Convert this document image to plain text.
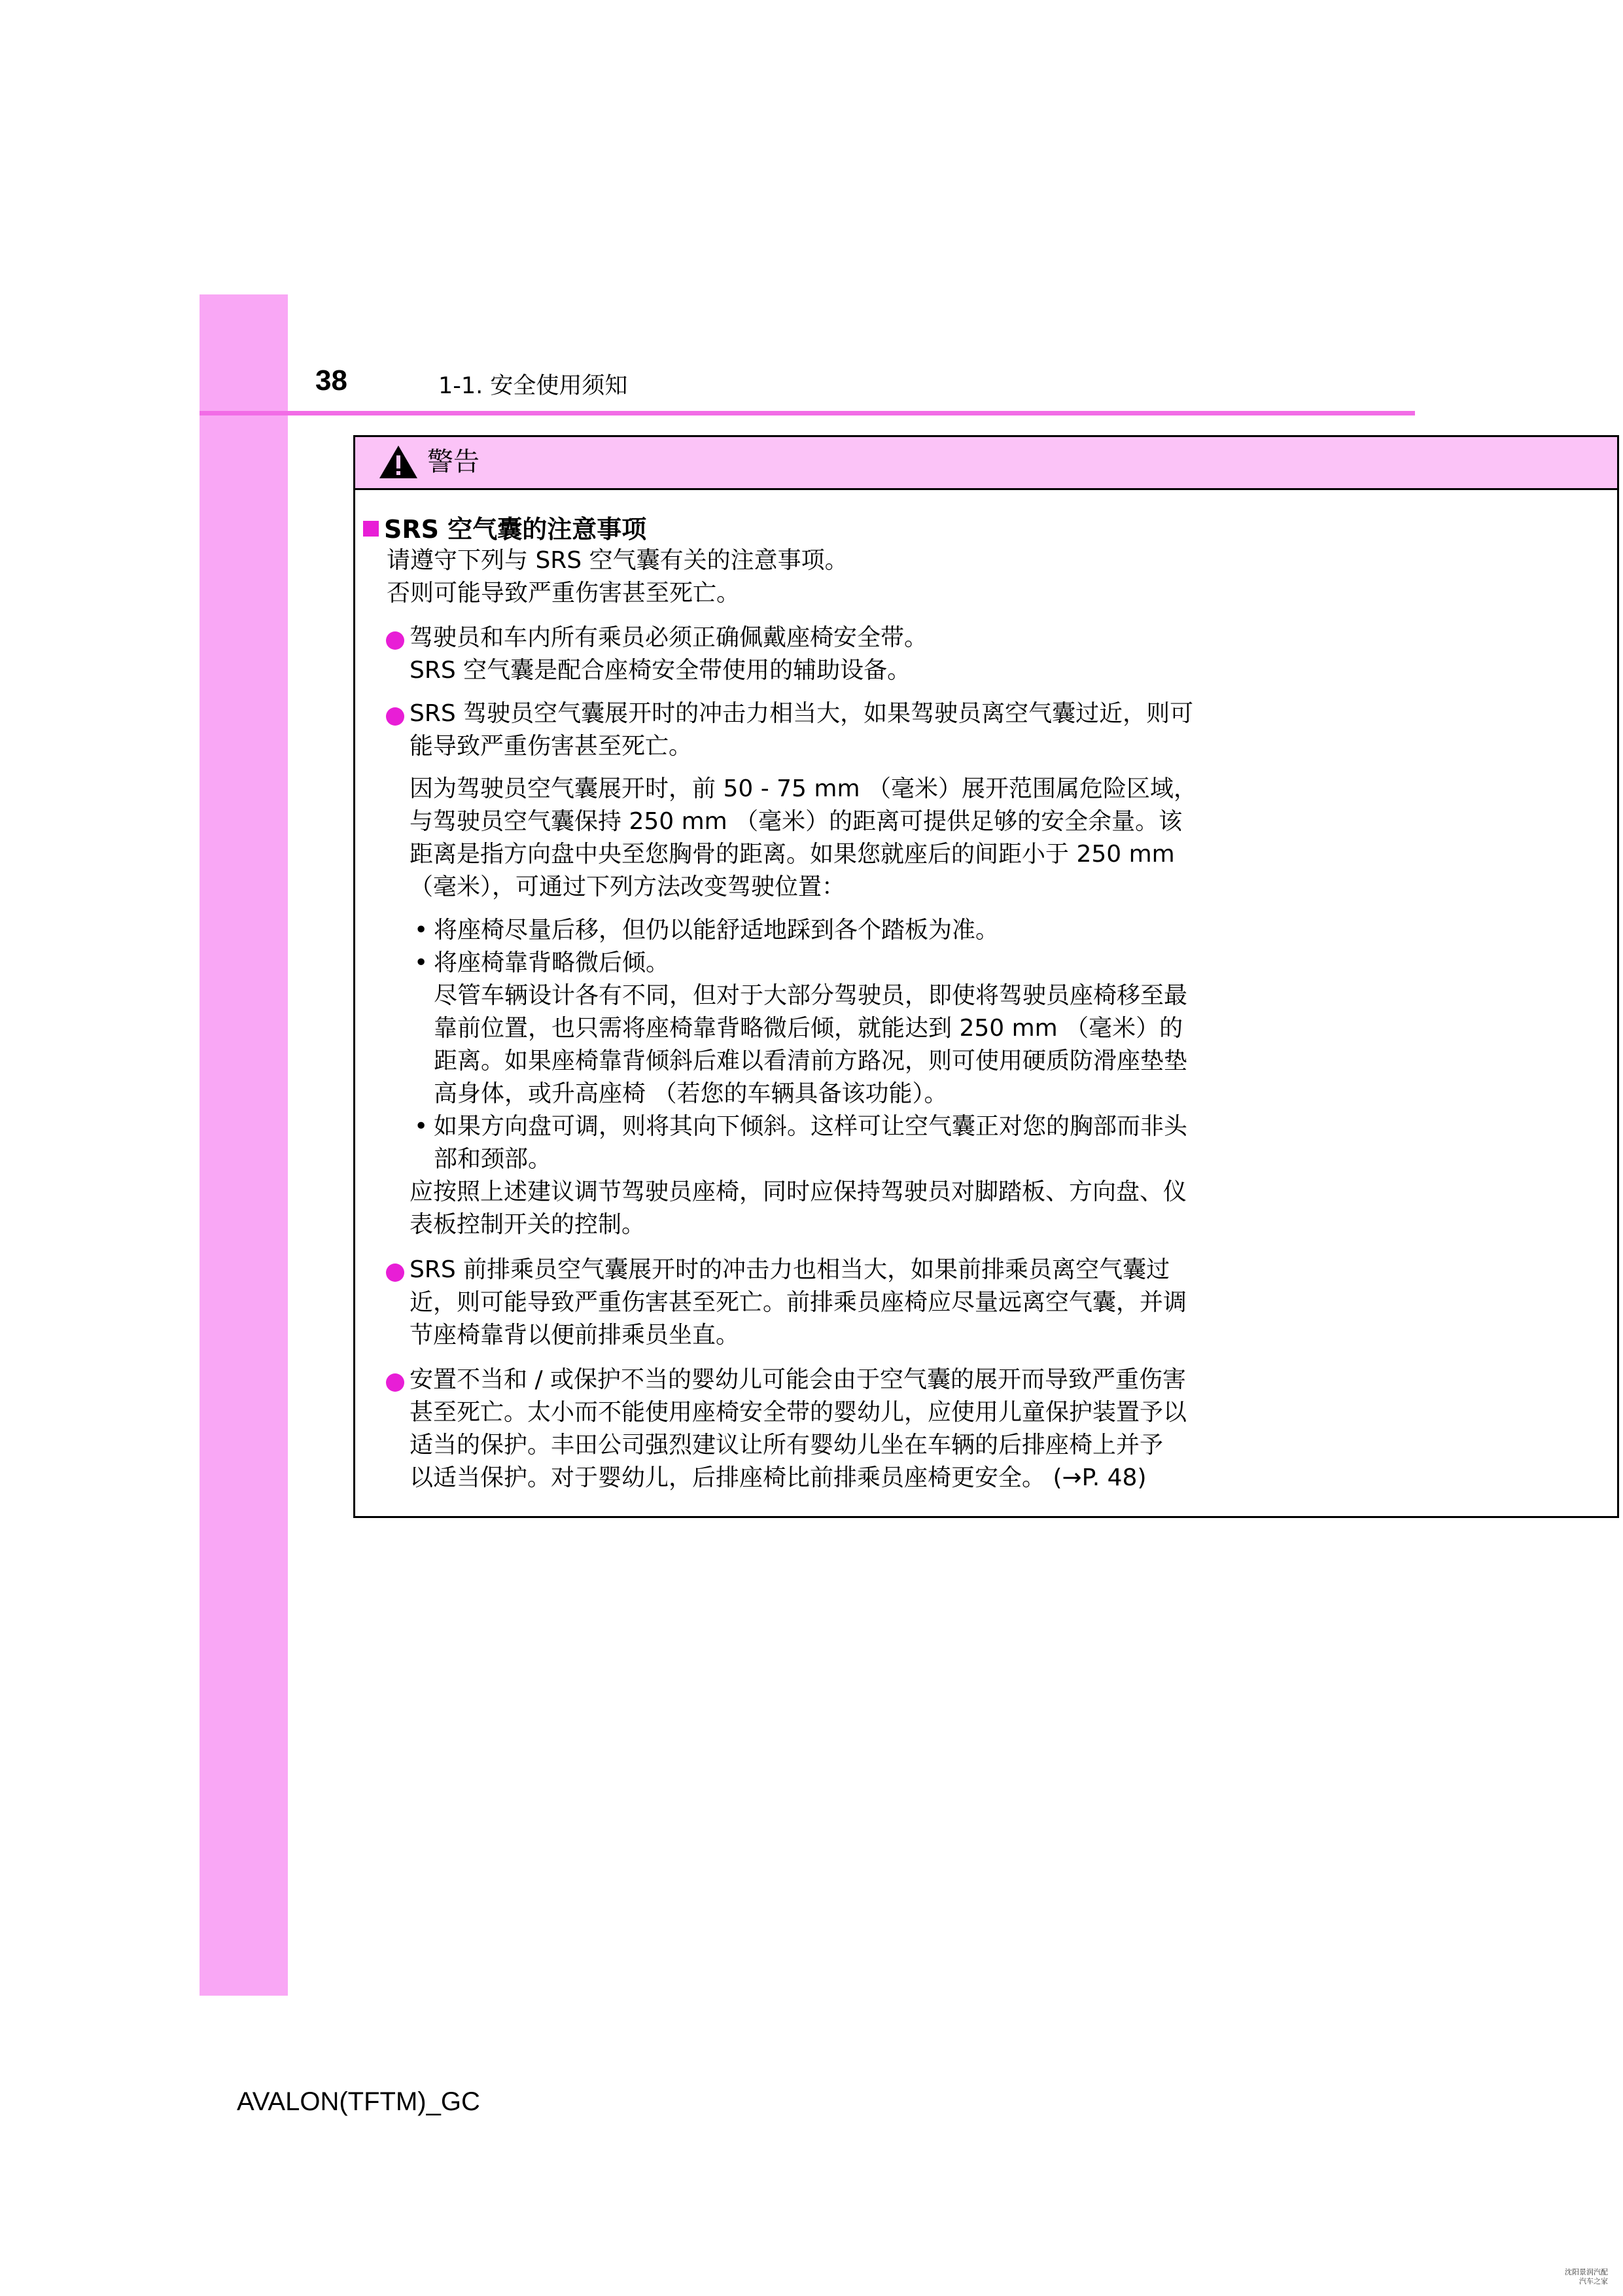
38	1-1. 安全使用须知
警告
SRS 空气囊的注意事项
请遵守下列与 SRS 空气囊有关的注意事项。
否则可能导致严重伤害甚至死亡。
驾驶员和车内所有乘员必须正确佩戴座椅安全带。
SRS 空气囊是配合座椅安全带使用的辅助设备。
SRS 驾驶员空气囊展开时的冲击力相当大，如果驾驶员离空气囊过近，则可
能导致严重伤害甚至死亡。
因为驾驶员空气囊展开时，前 50 - 75 mm （毫米）展开范围属危险区域，
与驾驶员空气囊保持 250 mm （毫米）的距离可提供足够的安全余量。该
距离是指方向盘中央至您胸骨的距离。如果您就座后的间距小于 250 mm
（毫米），可通过下列方法改变驾驶位置：
• 将座椅尽量后移，但仍以能舒适地踩到各个踏板为准。
• 将座椅靠背略微后倾。
尽管车辆设计各有不同，但对于大部分驾驶员，即使将驾驶员座椅移至最
靠前位置，也只需将座椅靠背略微后倾，就能达到 250 mm （毫米）的
距离。如果座椅靠背倾斜后难以看清前方路况，则可使用硬质防滑座垫垫
高身体，或升高座椅 （若您的车辆具备该功能）。
• 如果方向盘可调，则将其向下倾斜。这样可让空气囊正对您的胸部而非头
部和颈部。
应按照上述建议调节驾驶员座椅，同时应保持驾驶员对脚踏板、方向盘、仪
表板控制开关的控制。
SRS 前排乘员空气囊展开时的冲击力也相当大，如果前排乘员离空气囊过
近，则可能导致严重伤害甚至死亡。前排乘员座椅应尽量远离空气囊，并调
节座椅靠背以便前排乘员坐直。
安置不当和 / 或保护不当的婴幼儿可能会由于空气囊的展开而导致严重伤害
甚至死亡。太小而不能使用座椅安全带的婴幼儿，应使用儿童保护装置予以
适当的保护。丰田公司强烈建议让所有婴幼儿坐在车辆的后排座椅上并予
以适当保护。对于婴幼儿，后排座椅比前排乘员座椅更安全。 (→P. 48)
AVALON(TFTM)_GC
沈阳景润汽配
汽车之家
